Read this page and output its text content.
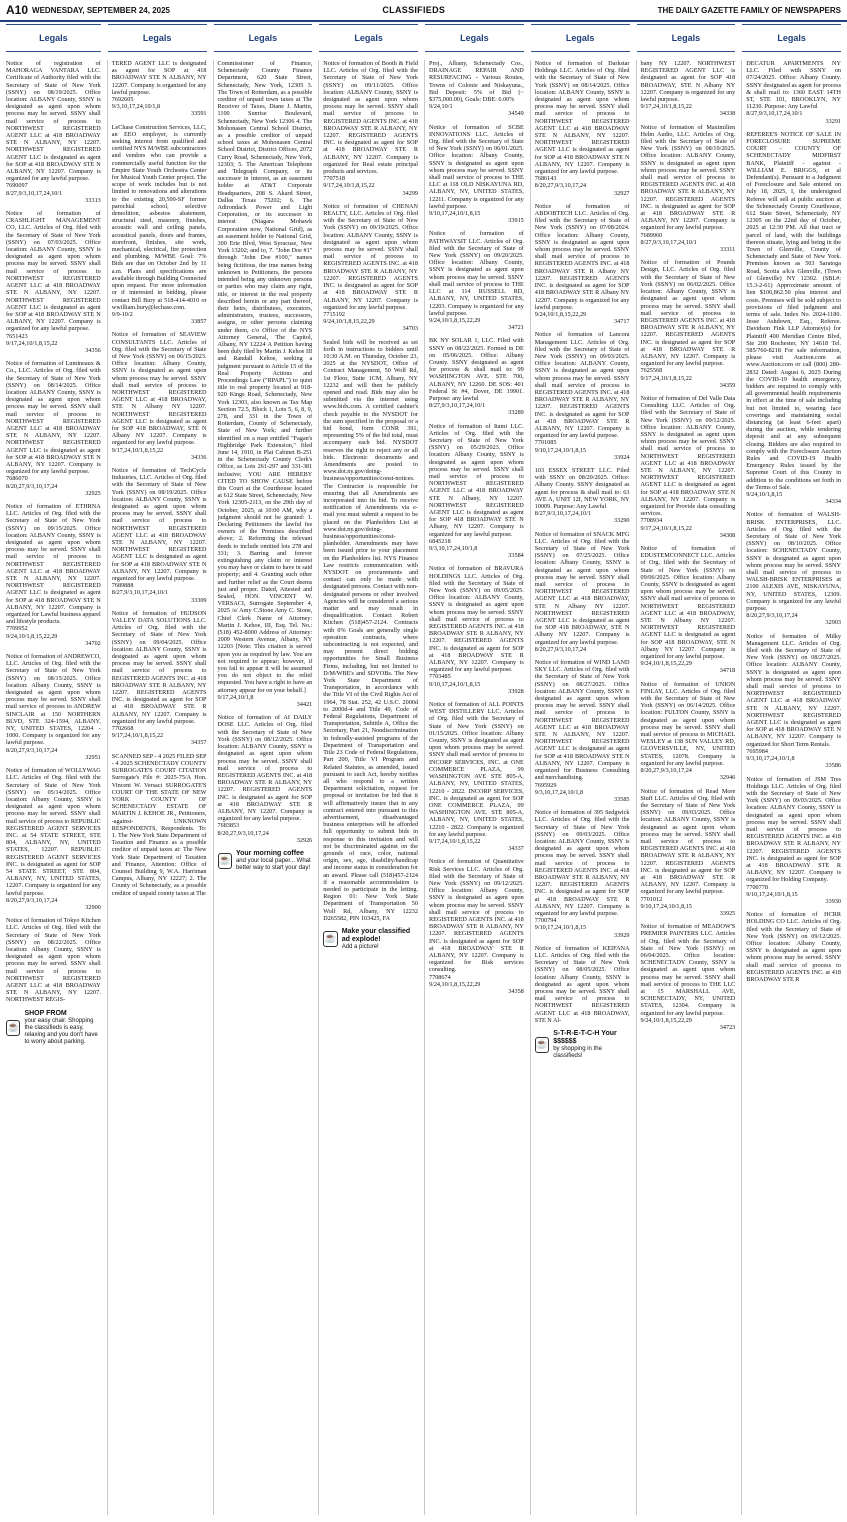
A10 WEDNESDAY, SEPTEMBER 24, 2025	CLASSIFIEDS	THE DAILY GAZETTE FAMILY OF NEWSPAPERS
Legals
Notice of registration of MAHORAGA VANTARA LLC. Certificate of Authority filed with the Secretary of State of New York (SSNY) on 08/19/2025. Office location: ALBANY County, SSNY is designated as agent upon whom process may be served. SSNY shall mail service of process to NORTHWEST REGISTERED AGENT LLC at 418 BROADWAY STE N ALBANY, NY 12207. NORTHWEST REGISTERED AGENT LLC is designated as agent for SOP at 418 BROADWAY STE N ALBANY, NY 12207. Company is organized for any lawful purpose.
7690097
8/27,9/3,10,17,24,10/1
33313
Notice of formation of CRASHLIGHT MANAGEMENT CO, LLC. Articles of Org. filed with the Secretary of State of New York (SSNY) on 07/03/2025. Office location: ALBANY County, SSNY is designated as agent upon whom process may be served. SSNY shall mail service of process to NORTHWEST REGISTERED AGENT LLC at 418 BROADWAY STE N ALBANY, NY 12207. NORTHWEST REGISTERED AGENT LLC is designated as agent for SOP at 418 BROADWAY STE N ALBANY, NY 12207. Company is organized for any lawful purpose.
7651423
9/17,24,10/1,8,15,22
34356
Notice of formation of Lumineaux & Co., LLC. Articles of Org. filed with the Secretary of State of New York (SSNY) on 08/14/2025. Office location: ALBANY County, SSNY is designated as agent upon whom process may be served. SSNY shall mail service of process to NORTHWEST REGISTERED AGENT LLC at 418 BROADWAY STE N ALBANY, NY 12207. NORTHWEST REGISTERED AGENT LLC is designated as agent for SOP at 418 BROADWAY STE N ALBANY, NY 12207. Company is organized for any lawful purpose.
7686070
8/20,27,9/3,10,17,24
32925
Notice of formation of ETHRNA LLC. Articles of Org. filed with the Secretary of State of New York (SSNY) on 09/15/2025. Office location: ALBANY County, SSNY is designated as agent upon whom process may be served. SSNY shall mail service of process to NORTHWEST REGISTERED AGENT LLC at 418 BROADWAY STE N ALBANY, NY 12207. NORTHWEST REGISTERED AGENT LLC is designated as agent for SOP at 418 BROADWAY STE N ALBANY, NY 12207. Company is organized for Lawful business apparel and lifestyle products.
7709952
9/24,10/1,8,15,22,29
34702
Notice of formation of ANDREWCO, LLC. Articles of Org. filed with the Secretary of State of New York (SSNY) on 08/15/2025. Office location: Albany County, SSNY is designated as agent upon whom process may be served. SSNY shall mail service of process to ANDREW SINCLAIR at 150 NORTHERN BLVD, STE 324-1594, ALBANY, NY, UNITED STATES, 12204 - 1000. Company is organized for any lawful purpose.
8/20,27,9/3,10,17,24
32951
Notice of formation of WOLLYWAG LLC. Articles of Org. filed with the Secretary of State of New York (SSNY) on 05/14/2025. Office location: Albany County, SSNY is designated as agent upon whom process may be served. SSNY shall mail service of process to REPUBLIC REGISTERED AGENT SERVICES INC. at 54 STATE STREET, STE 804, ALBANY, NY, UNITED STATES, 12207. REPUBLIC REGISTERED AGENT SERVICES INC. is designated as agent for SOP 54 STATE STREET, STE 804, ALBANY, NY, UNITED STATES, 12207. Company is organized for any lawful purpose.
8/20,27,9/3,10,17,24
32900
Notice of formation of Tokyo Kitchen LLC. Articles of Org. filed with the Secretary of State of New York (SSNY) on 08/22/2025. Office location: Albany County, SSNY is designated as agent upon whom process may be served. SSNY shall mail service of process to NORTHWEST REGISTERED AGENT LLC at 418 BROADWAY STE N ALBANY, NY 12207. NORTHWEST REGIS-
☕
SHOP FROM
your easy chair. Shopping the classifieds is easy, relaxing and you don't have to worry about parking.
Legals
TERED AGENT LLC is designated as agent for SOP at 418 BROADWAY STE N ALBANY, NY 12207. Company is organized for any lawful purpose.
7692605
9/3,10,17,24,10/1,8
33591
LeChase Construction Services, LLC, an EEO employer, is currently seeking interest from qualified and certified NYS M/WBE subcontractors and vendors who can provide a commercially useful function for the Empire State Youth Orchestra Center for Musical Youth Center project. The scope of work includes but is not limited to renovations and alterations to the existing 20,500-SF former parochial school, selective demolition, asbestos abatement, structural steel, masonry, finishes, acoustic wall and ceiling panels, acoustical panels, doors and frames, storefront, finishes, site work, mechanical, electrical, fire protection and plumbing. M/WBE Goal: 7% Bids are due on October 2nd by 11 a.m. Plans and specifications are available through Building Connected upon request. For more information or if interested in bidding, please contact Bill Bury at 518-414-4010 or wwilliam.bury@lechase.com.
9/9-10/2
33857
Notice of formation of SEAVIEW CONSULTANTS LLC. Articles of Org. filed with the Secretary of State of New York (SSNY) on 06/15/2023. Office location: Albany County, SSNY is designated as agent upon whom process may be served. SSNY shall mail service of process to NORTHWEST REGISTERED AGENT LLC at 418 BROADWAY, STE N Albany NY 12207. NORTHWEST REGISTERED AGENT LLC is designated as agent for SOP 418 BROADWAY, STE N Albany NY 12207. Company is organized for any lawful purpose.
9/17,24,10/1,8,15,22
34336
Notice of formation of TechCycle Industries, LLC. Articles of Org. filed with the Secretary of State of New York (SSNY) on 08/19/2025. Office location: ALBANY County, SSNY is designated as agent upon whom process may be served. SSNY shall mail service of process to NORTHWEST REGISTERED AGENT LLC at 418 BROADWAY STE N ALBANY, NY 12207. NORTHWEST REGISTERED AGENT LLC is designated as agent for SOP at 418 BROADWAY STE N ALBANY, NY 12207. Company is organized for any lawful purpose.
7689888
8/27,9/3,10,17,24,10/1
33309
Notice of formation of HUDSON VALLEY DATA SOLUTIONS LLC. Articles of Org. filed with the Secretary of State of New York (SSNY) on 09/04/2025. Office location: ALBANY County, SSNY is designated as agent upon whom process may be served. SSNY shall mail service of process to REGISTERED AGENTS INC. at 418 BROADWAY STE R ALBANY, NY 12207. REGISTERED AGENTS INC. is designated as agent for SOP at 418 BROADWAY STE R ALBANY, NY 12207. Company is organized for any lawful purpose.
7702668
9/17,24,10/1,8,15,22
34357
SCANNED SEP - 4 2025 FILED SEP - 4 2025 SCHENECTADY COUNTY SURROGATE'S COURT CITATION Surrogate's File #: 2025-75/A Hon. Vincent W. Versaci SURROGATE'S COURT OF THE STATE OF NEW YORK COUNTY OF SCHENECTADY ESTATE OF MARTIN J. KEHOE JR., Petitioners, -against- UNKNOWN RESPONDENTS, Respondents. To: 1. The New York State Department of Taxation and Finance as a possible creditor of unpaid taxes at: The New York State Department of Taxation and Finance, Attention: Office of Counsel Building 9, W.A. Harriman Campus, Albany, NY 12227; 2. The County of Schenectady, as a possible creditor of unpaid county taxes at The
Legals
Commissioner of Finance, Schenectady County Finance Department, 620 State Street, Schenectady, New York, 12305 3. The Town of Rotterdam, as a possible creditor of unpaid town taxes at The Receiver of Taxes, Diane J. Martin, 1100 Sunrise Boulevard, Schenectady, New York 12306 4. The Mohonasen Central School District, as a possible creditor of unpaid school taxes at Mohonasen Central School District, District Offices, 2072 Curry Road, Schenectady, New York, 12303; 5. The American Telephone and Telegraph Company, or its successor in interest, as an easement holder at AT&T Corporate Headquarters, 208 S. Akard Street, Dallas Texas 75202; 6. The Adirondack Power and Light Corporation, or its successor in interest (Niagara Mohawk Corporation now, National Grid), as an easement holder to National Grid, 300 Erie Blvd, West Syracuse, New York 13202; and to, 7. "John Doe #1" through "John Doe #100," names being fictitious, the true names being unknown to Petitioners, the persons intended being any unknown persons or parties who may claim any right, title, or interest in the real property described herein or any part thereof, their heirs, distributees, executors, administrators, trustees, successors, assigns, or other persons claiming under them, c/o Office of the NYS Attorney General, The Capitol, Albany, NY 12224 A Petition having been duly filed by Martin J. Kehoe III and Randall Kehoe, seeking a judgment pursuant to Article 15 of the Real Property Actions and Proceedings Law ("RPAPL") to quiet title to real property located at 918-920 Kings Road, Schenectady, New York 12303, also known as Tax Map Section 72.5, Block 1, Lots 5, 6, 8, 9, 278, and 331 in the Town of Rotterdam, County of Schenectady, State of New York; and further identified on a map entitled "Fagan's Highbridge Park Extension," filed June 14, 1910, in Plat Cabinet B-251 in the Schenectady County Clerk's Office, as Lots 261-297 and 331-381 inclusive; YOU ARE HEREBY CITED TO SHOW CAUSE before this Court at the Courthouse located at 612 State Street, Schenectady, New York 12305-2113, on the 29th day of October, 2025, at 10:00 AM, why a judgment should not be granted: 1. Declaring Petitioners the lawful fee owners of the Premises described above; 2. Reforming the relevant deeds to include omitted lots 278 and 331; 3. Barring and forever extinguishing any claim or interest you may have or claim to have in said property; and 4. Granting such other and further relief as the Court deems just and proper. Dated, Attested and Sealed, HON. VINCENT W. VERSACI, Surrogate September 4, 2025 /s/ Amy C.Stone Amy C. Stone, Chief Clerk Name of Attorney: Martin J. Kehoe, III, Esq. Tel. No.: (518) 452-8000 Address of Attorney: 2009 Western Avenue, Albany, NY 12203 [Note: This citation is served upon you as required by law. You are not required to appear; however, if you fail to appear it will be assumed you do not object to the relief requested. You have a right to have an attorney appear for on your behalf.]
9/17,24,10/1,8
34421
Notice of formation of AI DAILY DOSE LLC. Articles of Org. filed with the Secretary of State of New York (SSNY) on 08/12/2025. Office location: ALBANY County, SSNY is designated as agent upon whom process may be served. SSNY shall mail service of process to REGISTERED AGENTS INC. at 418 BROADWAY STE R ALBANY, NY 12207. REGISTERED AGENTS INC. is designated as agent for SOP at 418 BROADWAY STE R ALBANY, NY 12207. Company is organized for any lawful purpose.
7683853
8/20,27,9/3,10,17,24
32926
☕
Your morning coffee
and your local paper... What better way to start your day!
Legals
Notice of formation of Booth & Field LLC. Articles of Org. filed with the Secretary of State of New York (SSNY) on 09/11/2025. Office location: ALBANY County, SSNY is designated as agent upon whom process may be served. SSNY shall mail service of process to REGISTERED AGENTS INC. at 418 BROADWAY STE R ALBANY, NY 12207. REGISTERED AGENTS INC. is designated as agent for SOP at 418 BROADWAY STE R ALBANY, NY 12207. Company is organized for Real estate principal products and services.
7707518
9/17,24,10/1,8,15,22
34299
Notice of formation of CHENAN REALTY, LLC. Articles of Org. filed with the Secretary of State of New York (SSNY) on 09/19/2025. Office location: ALBANY County, SSNY is designated as agent upon whom process may be served. SSNY shall mail service of process to REGISTERED AGENTS INC. at 418 BROADWAY STE R ALBANY, NY 12207. REGISTERED AGENTS INC. is designated as agent for SOP at 418 BROADWAY STE R ALBANY, NY 12207. Company is organized for any lawful purpose.
7715192
9/24,10/1,8,15,22,29
34703
Sealed bids will be received as set forth in instructions to bidders until 10:30 A.M. on Thursday, October 23, 2025 at the NYSDOT, Office of Contract Management, 50 Wolf Rd, 1st Floor, Suite 1CM, Albany, NY 12232 and will then be publicly opened and read. Bids may also be submitted via the internet using www.bidx.com. A certified cashier's check payable to the NYSDOT for the sum specified in the proposal or a bid bond, form CONR 391, representing 5% of the bid total, must accompany each bid. NYSDOT reserves the right to reject any or all bids. Electronic documents and Amendments are posted to www.dot.ny.gov/doing-business/opportunities/const-notices. The Contractor is responsible for ensuring that all Amendments are incorporated into its bid. To receive notification of Amendments via e-mail you must submit a request to be placed on the Planholders List at www.dot.ny.gov/doing-business/opportunities/const-planholder. Amendments may have been issued prior to your placement on the Planholders list. NYS Finance Law restricts communication with NYSDOT on procurements and contact can only be made with designated persons. Contact with non-designated persons or other involved Agencies will be considered a serious matter and may result in disqualification. Contact Robert Kitchen (518)457-2124. Contracts with 0% Goals are generally single operation contracts, where subcontracting is not expected, and may present direct bidding opportunities for Small Business Firms, including, but not limited to D/M/WBE's and SDVOBs. The New York State Department of Transportation, in accordance with the Title VI of the Civil Rights Act of 1964, 78 Stat. 252, 42 U.S.C. 2000d to 2000d-4 and Title 49, Code of Federal Regulations, Department of Transportation, Subtitle A, Office the Secretary, Part 21, Nondiscrimination in federally-assisted programs of the Department of Transportation and Title 23 Code of Federal Regulations, Part 200, Title VI Program and Related Statutes, as amended, issued pursuant to such Act, hereby notifies all who respond to a written Department solicitation, request for proposal or invitation for bid that it will affirmatively insure that in any contract entered into pursuant to this advertisement, disadvantaged business enterprises will be afforded full opportunity to submit bids in response to this invitation and will not be discriminated against on the grounds of race, color, national origin, sex, age, disability/handicap and income status in consideration for an award. Please call (518)457-2124 if a reasonable accommodation is needed to participate in the letting. Region 01: New York State Department of Transportation 50 Wolf Rd, Albany, NY 12232 D265582, PIN 103425, FA
☕
Make your classified ad explode!
Add a picture!
Legals
Proj., Albany, Schenectady Cos., DRAINAGE REPAIR AND RESURFACING - Various Routes, Towns of Colonie and Niskayuna., Bid Deposit: 5% of Bid (~ $375,000.00), Goals: DBE: 6.00%
9/24,10/1
34549
Notice of formation of SCBE INNOVATIONS LLC. Articles of Org. filed with the Secretary of State of New York (SSNY) on 06/01/2025. Office location: Albany County, SSNY is designated as agent upon whom process may be served. SSNY shall mail service of process to THE LLC at 118 OLD NISKAYUNA RD, ALBANY, NY, UNITED STATES, 12211. Company is organized for any lawful purpose.
9/10,17,24,10/1,8,15
33915
Notice of formation of PATHWAYSIT LLC. Articles of Org. filed with the Secretary of State of New York (SSNY) on 09/20/2025. Office location: Albany County, SSNY is designated as agent upon whom process may be served. SSNY shall mail service of process to THE LLC at 114 RUSSELL RD, ALBANY, NY, UNITED STATES, 12203. Company is organized for any lawful purpose.
9/24,10/1,8,15,22,29
34721
BK NY SOLAR 1, LLC. Filed with SSNY on 08/22/2025. Formed in DE on 05/06/2025. Office: Albany County. SSNY designated as agent for process & shall mail to: 99 WASHINGTON AVE. STE 700, ALBANY, NY 12260. DE SOS: 401 Federal St #4, Dover, DE 19901. Purpose: any lawful
8/27,9/3,10,17,24,10/1
33289
Notice of formation of Itami LLC. Articles of Org. filed with the Secretary of State of New York (SSNY) on 05/29/2023. Office location: Albany County, SSNY is designated as agent upon whom process may be served. SSNY shall mail service of process to NORTHWEST REGISTERED AGENT LLC at 418 BROADWAY STE N Albany, NY 12207. NORTHWEST REGISTERED AGENT LLC is designated as agent for SOP 418 BROADWAY STE N Albany, NY 12207. Company is organized for any lawful purpose.
6845218
9/3,10,17,24,10/1,8
33584
Notice of formation of BRAVURA HOLDINGS LLC. Articles of Org. filed with the Secretary of State of New York (SSNY) on 09/05/2025. Office location: ALBANY County, SSNY is designated as agent upon whom process may be served. SSNY shall mail service of process to REGISTERED AGENTS INC. at 418 BROADWAY STE R ALBANY, NY 12207. REGISTERED AGENTS INC. is designated as agent for SOP at 418 BROADWAY STE R ALBANY, NY 12207. Company is organized for any lawful purpose.
7703485
9/10,17,24,10/1,8,15
33928
Notice of formation of ALL POINTS WEST DISTILLERY LLC. Articles of Org. filed with the Secretary of State of New York (SSNY) on 01/15/2025. Office location: Albany County, SSNY is designated as agent upon whom process may be served. SSNY shall mail service of process to INCORP SERVICES, INC. at ONE COMMERCE PLAZA, 99 WASHINGTON AVE STE 805-A, ALBANY, NY, UNITED STATES, 12210 - 2822. INCORP SERVICES, INC. is designated as agent for SOP ONE COMMERCE PLAZA, 99 WASHINGTON AVE. STE 805-A, ALBANY, NY, UNITED STATES, 12210 - 2822. Company is organized for any lawful purpose.
9/17,24,10/1,8,15,22
34337
Notice of formation of Quantitative Risk Services LLC. Articles of Org. filed with the Secretary of State of New York (SSNY) on 09/12/2025. Office location: Albany County, SSNY is designated as agent upon whom process may be served. SSNY shall mail service of process to REGISTERED AGENTS INC. at 418 BROADWAY STE R ALBANY, NY 12207. REGISTERED AGENTS INC. is designated as agent for SOP at 418 BROADWAY STE R ALBANY, NY 12207. Company is organized for Risk services consulting.
7708674
9/24,10/1,8,15,22,29
34358
Legals
Notice of formation of Darkstar Holdings LLC. Articles of Org. filed with the Secretary of State of New York (SSNY) on 08/14/2025. Office location: ALBANY County, SSNY is designated as agent upon whom process may be served. SSNY shall mail service of process to NORTHWEST REGISTERED AGENT LLC at 418 BROADWAY STE N ALBANY, NY 12207. NORTHWEST REGISTERED AGENT LLC is designated as agent for SOP at 418 BROADWAY STE N ALBANY, NY 12207. Company is organized for any lawful purpose.
7686143
8/20,27,9/3,10,17,24
32927
Notice of formation of ABDOBTECH LLC. Articles of Org. filed with the Secretary of State of New York (SSNY) on 07/08/2024. Office location: Albany County, SSNY is designated as agent upon whom process may be served. SSNY shall mail service of process to REGISTERED AGENTS INC. at 418 BROADWAY STE R Albany NY 12207. REGISTERED AGENTS INC. is designated as agent for SOP 418 BROADWAY STE R Albany NY 12207. Company is organized for any lawful purpose.
9/24,10/1,8,15,22,29
34717
Notice of formation of Lancora Management LLC. Articles of Org. filed with the Secretary of State of New York (SSNY) on 09/03/2025. Office location: ALBANY County, SSNY is designated as agent upon whom process may be served. SSNY shall mail service of process to REGISTERED AGENTS INC. at 418 BROADWAY STE R ALBANY, NY 12207. REGISTERED AGENTS INC. is designated as agent for SOP at 418 BROADWAY STE R ALBANY, NY 12207. Company is organized for any lawful purpose.
7701085
9/10,17,24,10/1,8,15
33924
103 ESSEX STREET LLC. Filed with SSNY on 08/20/2025. Office: Albany County. SSNY designated as agent for process & shall mail to: 63 AVE A, UNIT 12I, NEW YORK, NY 10009. Purpose: Any Lawful
8/27,9/3,10,17,24,10/1
33290
Notice of formation of SNACK MFG LLC. Articles of Org. filed with the Secretary of State of New York (SSNY) on 07/25/2025. Office location: Albany County, SSNY is designated as agent upon whom process may be served. SSNY shall mail service of process to NORTHWEST REGISTERED AGENT LLC at 418 BROADWAY, STE N Albany NY 12207. NORTHWEST REGISTERED AGENT LLC is designated as agent for SOP 418 BROADWAY, STE N Albany NY 12207. Company is organized for any lawful purpose.
8/20,27,9/3,10,17,24
Notice of formation of WIND LAND SKY LLC. Articles of Org. filed with the Secretary of State of New York (SSNY) on 08/27/2025. Office location: ALBANY County, SSNY is designated as agent upon whom process may be served. SSNY shall mail service of process to NORTHWEST REGISTERED AGENT LLC at 418 BROADWAY STE N ALBANY, NY 12207. NORTHWEST REGISTERED AGENT LLC is designated as agent for SOP at 418 BROADWAY STE N ALBANY, NY 12207. Company is organized for Business Consulting and merchandising.
7695929
9/3,10,17,24,10/1,8
33585
Notice of formation of 395 Sedgwick LLC. Articles of Org. filed with the Secretary of State of New York (SSNY) on 09/03/2025. Office location: ALBANY County, SSNY is designated as agent upon whom process may be served. SSNY shall mail service of process to REGISTERED AGENTS INC. at 418 BROADWAY STE R ALBANY, NY 12207. REGISTERED AGENTS INC. is designated as agent for SOP at 418 BROADWAY STE R ALBANY, NY 12207. Company is organized for any lawful purpose.
7700794
9/10,17,24,10/1,8,15
33929
Notice of formation of KEIFANA LLC. Articles of Org. filed with the Secretary of State of New York (SSNY) on 08/05/2025. Office location: Albany County, SSNY is designated as agent upon whom process may be served. SSNY shall mail service of process to NORTHWEST REGISTERED AGENT LLC at 418 BROADWAY, STE N Al-
☕
S-T-R-E-T-C-H Your $$$$$$
by shopping in the classifieds!
Legals
bany NY 12207. NORTHWEST REGISTERED AGENT LLC is designated as agent for SOP 418 BROADWAY, STE N Albany NY 12207. Company is organized for any lawful purpose.
9/17,24,10/1,8,15,22
34338
Notice of formation of Maximilien Helm Audio, LLC. Articles of Org. filed with the Secretary of State of New York (SSNY) on 08/19/2025. Office location: ALBANY County, SSNY is designated as agent upon whom process may be served. SSNY shall mail service of process to REGISTERED AGENTS INC. at 418 BROADWAY STE R ALBANY, NY 12207. REGISTERED AGENTS INC. is designated as agent for SOP at 418 BROADWAY STE R ALBANY, NY 12207. Company is organized for any lawful purpose.
7689960
8/27,9/3,10,17,24,10/1
33311
Notice of formation of Pounds Design, LLC. Articles of Org. filed with the Secretary of State of New York (SSNY) on 06/02/2025. Office location: Albany County, SSNY is designated as agent upon whom process may be served. SSNY shall mail service of process to REGISTERED AGENTS INC. at 418 BROADWAY STE R ALBANY, NY 12207. REGISTERED AGENTS INC. is designated as agent for SOP at 418 BROADWAY STE R ALBANY, NY 12207. Company is organized for any lawful purpose.
7625568
9/17,24,10/1,8,15,22
34359
Notice of formation of Del Valle Data Consulting LLC. Articles of Org. filed with the Secretary of State of New York (SSNY) on 09/12/2025. Office location: ALBANY County, SSNY is designated as agent upon whom process may be served. SSNY shall mail service of process to NORTHWEST REGISTERED AGENT LLC at 418 BROADWAY STE N ALBANY, NY 12207. NORTHWEST REGISTERED AGENT LLC is designated as agent for SOP at 418 BROADWAY STE N ALBANY, NY 12207. Company is organized for Provide data consulting services.
7708934
9/17,24,10/1,8,15,22
34308
Notice of formation of EDUSTEMCONNECT LLC. Articles of Org. filed with the Secretary of State of New York (SSNY) on 09/06/2025. Office location: Albany County, SSNY is designated as agent upon whom process may be served. SSNY shall mail service of process to NORTHWEST REGISTERED AGENT LLC at 418 BROADWAY, STE N Albany NY 12207. NORTHWEST REGISTERED AGENT LLC is designated as agent for SOP 418 BROADWAY, STE N Albany NY 12207. Company is organized for any lawful purpose.
9/24,10/1,8,15,22,29
34718
Notice of formation of UNION FINLAY, LLC. Articles of Org. filed with the Secretary of State of New York (SSNY) on 06/14/2025. Office location: FULTON County, SSNY is designated as agent upon whom process may be served. SSNY shall mail service of process to MICHAEL WESLEY at 138 SUN VALLEY RD, GLOVERSVILLE, NY, UNITED STATES, 12078. Company is organized for any lawful purpose.
8/20,27,9/3,10,17,24
32946
Notice of formation of Read More Stuff LLC. Articles of Org. filed with the Secretary of State of New York (SSNY) on 09/03/2025. Office location: ALBANY County, SSNY is designated as agent upon whom process may be served. SSNY shall mail service of process to REGISTERED AGENTS INC. at 418 BROADWAY STE R ALBANY, NY 12207. REGISTERED AGENTS INC. is designated as agent for SOP at 418 BROADWAY STE R ALBANY, NY 12207. Company is organized for any lawful purpose.
7701012
9/10,17,24,10/1,8,15
33925
Notice of formation of MEADOW'S PREMIER PAINTERS LLC. Articles of Org. filed with the Secretary of State of New York (SSNY) on 06/04/2025. Office location: SCHENECTADY County, SSNY is designated as agent upon whom process may be served. SSNY shall mail service of process to THE LLC at 15 MARSHALL AVE, SCHENECTADY, NY, UNITED STATES, 12304. Company is organized for any lawful purpose.
9/24,10/1,8,15,22,29
34723
Legals
DECATUR APARTMENTS NY LLC. Filed with SSNY on 07/24/2025. Office: Albany County. SSNY designated as agent for process & shall mail to: 1360 EAST 14TH ST, STE 101, BROOKLYN, NY 11230. Purpose: Any Lawful
8/27,9/3,10,17,24,10/1
33291
REFEREE'S NOTICE OF SALE IN FORECLOSURE SUPREME COURT - COUNTY OF SCHENECTADY MIDFIRST BANK, Plaintiff - against - WILLIAM E. BRIGGS, et al Defendant(s). Pursuant to a Judgment of Foreclosure and Sale entered on July 18, 2025, I, the undersigned Referee will sell at public auction at the Schenectady County Courthouse, 612 State Street, Schenectady, NY 12305 on the 22nd day of October, 2025 at 12:30 PM. All that tract or parcel of land, with the buildings thereon situate, lying and being in the Town of Glenville, County of Schenectady and State of New York. Premises known as 503 Saratoga Road, Scotia a/k/a Glenville, (Town of Glenville) NY 12302. (SBL#: 15.3-2-61) Approximate amount of lien $106,862.50 plus interest and costs. Premises will be sold subject to provisions of filed judgment and terms of sale. Index No. 2024-1180. Jesse Ashdown, Esq., Referee. Davidson Fink LLP Attorney(s) for Plaintiff 400 Meridian Centre Blvd, Ste 200 Rochester, NY 14618 Tel. 585/760-8218 For sale information, please visit Auction.com at www.Auction.com or call (800) 280-2832 Dated: August 6, 2025 During the COVID-19 health emergency, bidders are required to comply with all governmental health requirements in effect at the time of sale including but not limited to, wearing face coverings and maintaining social distancing (at least 6-feet apart) during the auction, while tendering deposit and at any subsequent closing. Bidders are also required to comply with the Foreclosure Auction Rules and COVID-19 Health Emergency Rules issued by the Supreme Court of this County in addition to the conditions set forth in the Terms of Sale.
9/24,10/1,8,15
34334
Notice of formation of WALSH-BRISK ENTERPRISES, LLC. Articles of Org. filed with the Secretary of State of New York (SSNY) on 08/10/2025. Office location: SCHENECTADY County, SSNY is designated as agent upon whom process may be served. SSNY shall mail service of process to WALSH-BRISK ENTERPRISES at 2100 ALEXIS AVE, NISKAYUNA, NY, UNITED STATES, 12309. Company is organized for any lawful purpose.
8/20,27,9/3,10,17,24
32903
Notice of formation of Milky Management LLC. Articles of Org. filed with the Secretary of State of New York (SSNY) on 08/27/2025. Office location: ALBANY County, SSNY is designated as agent upon whom process may be served. SSNY shall mail service of process to NORTHWEST REGISTERED AGENT LLC at 418 BROADWAY STE N ALBANY, NY 12207. NORTHWEST REGISTERED AGENT LLC is designated as agent for SOP at 418 BROADWAY STE N ALBANY, NY 12207. Company is organized for Short Term Rentals.
7695984
9/3,10,17,24,10/1,8
33586
Notice of formation of JSM Tres Holdings LLC. Articles of Org. filed with the Secretary of State of New York (SSNY) on 09/03/2025. Office location: ALBANY County, SSNY is designated as agent upon whom process may be served. SSNY shall mail service of process to REGISTERED AGENTS INC. at 418 BROADWAY STE R ALBANY, NY 12207. REGISTERED AGENTS INC. is designated as agent for SOP at 418 BROADWAY STE R ALBANY, NY 12207. Company is organized for Holding Company.
7700778
9/10,17,24,10/1,8,15
33930
Notice of formation of HCRR HOLDING CO LLC. Articles of Org. filed with the Secretary of State of New York (SSNY) on 09/12/2025. Office location: Albany County, SSNY is designated as agent upon whom process may be served. SSNY shall mail service of process to REGISTERED AGENTS INC. at 418 BROADWAY STE R
